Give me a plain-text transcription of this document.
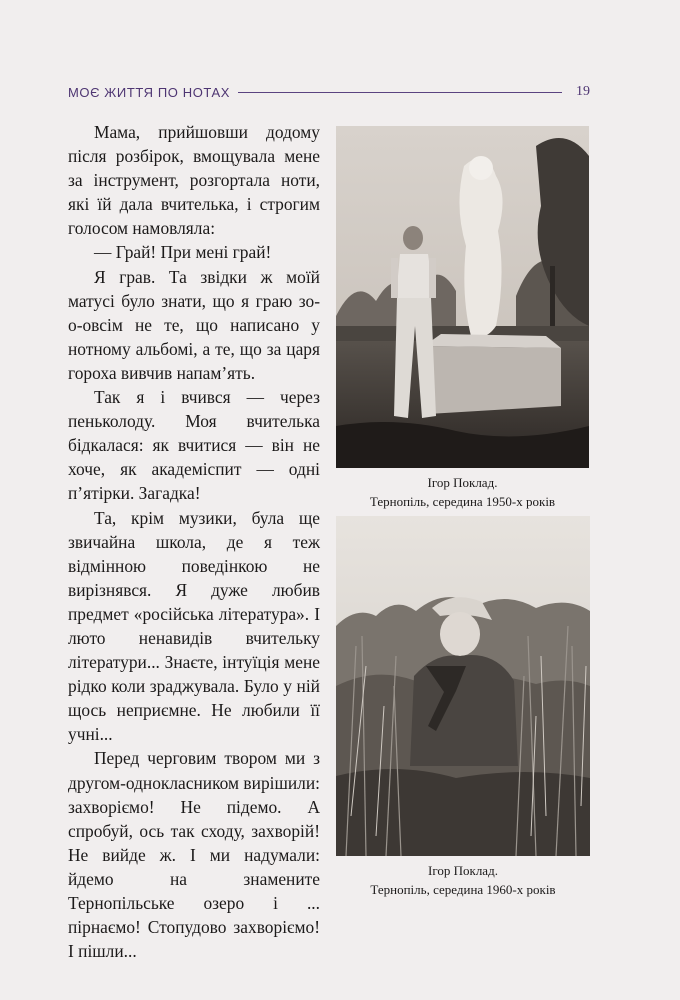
МОЄ ЖИТТЯ ПО НОТАХ	19

Мама, прийшовши додому після розбірок, вмощувала мене за інструмент, розгортала ноти, які їй дала вчителька, і строгим голосом намовляла:

— Грай! При мені грай!

Я грав. Та звідки ж моїй матусі було знати, що я граю зо-о-овсім не те, що написано у нотному альбомі, а те, що за царя гороха вивчив напам’ять.

Так я і вчився — через пеньколоду. Моя вчителька бідкалася: як вчитися — він не хоче, як академіспит — одні п’ятірки. Загадка!

Та, крім музики, була ще звичайна школа, де я теж відмінною поведінкою не вирізнявся. Я дуже любив предмет «російська література». І люто ненавидів вчительку літератури... Знаєте, інтуїція мене рідко коли зраджувала. Було у ній щось неприємне. Не любили її учні...

Перед черговим твором ми з другом-однокласником вирішили: захворіємо! Не підемо. А спробуй, ось так сходу, захворій! Не вийде ж. І ми надумали: йдемо на знамените Тернопільське озеро і ... пірнаємо! Стопудово захворіємо! І пішли...

Ігор Поклад.
Тернопіль, середина 1950-х років
Ігор Поклад.
Тернопіль, середина 1960-х років
